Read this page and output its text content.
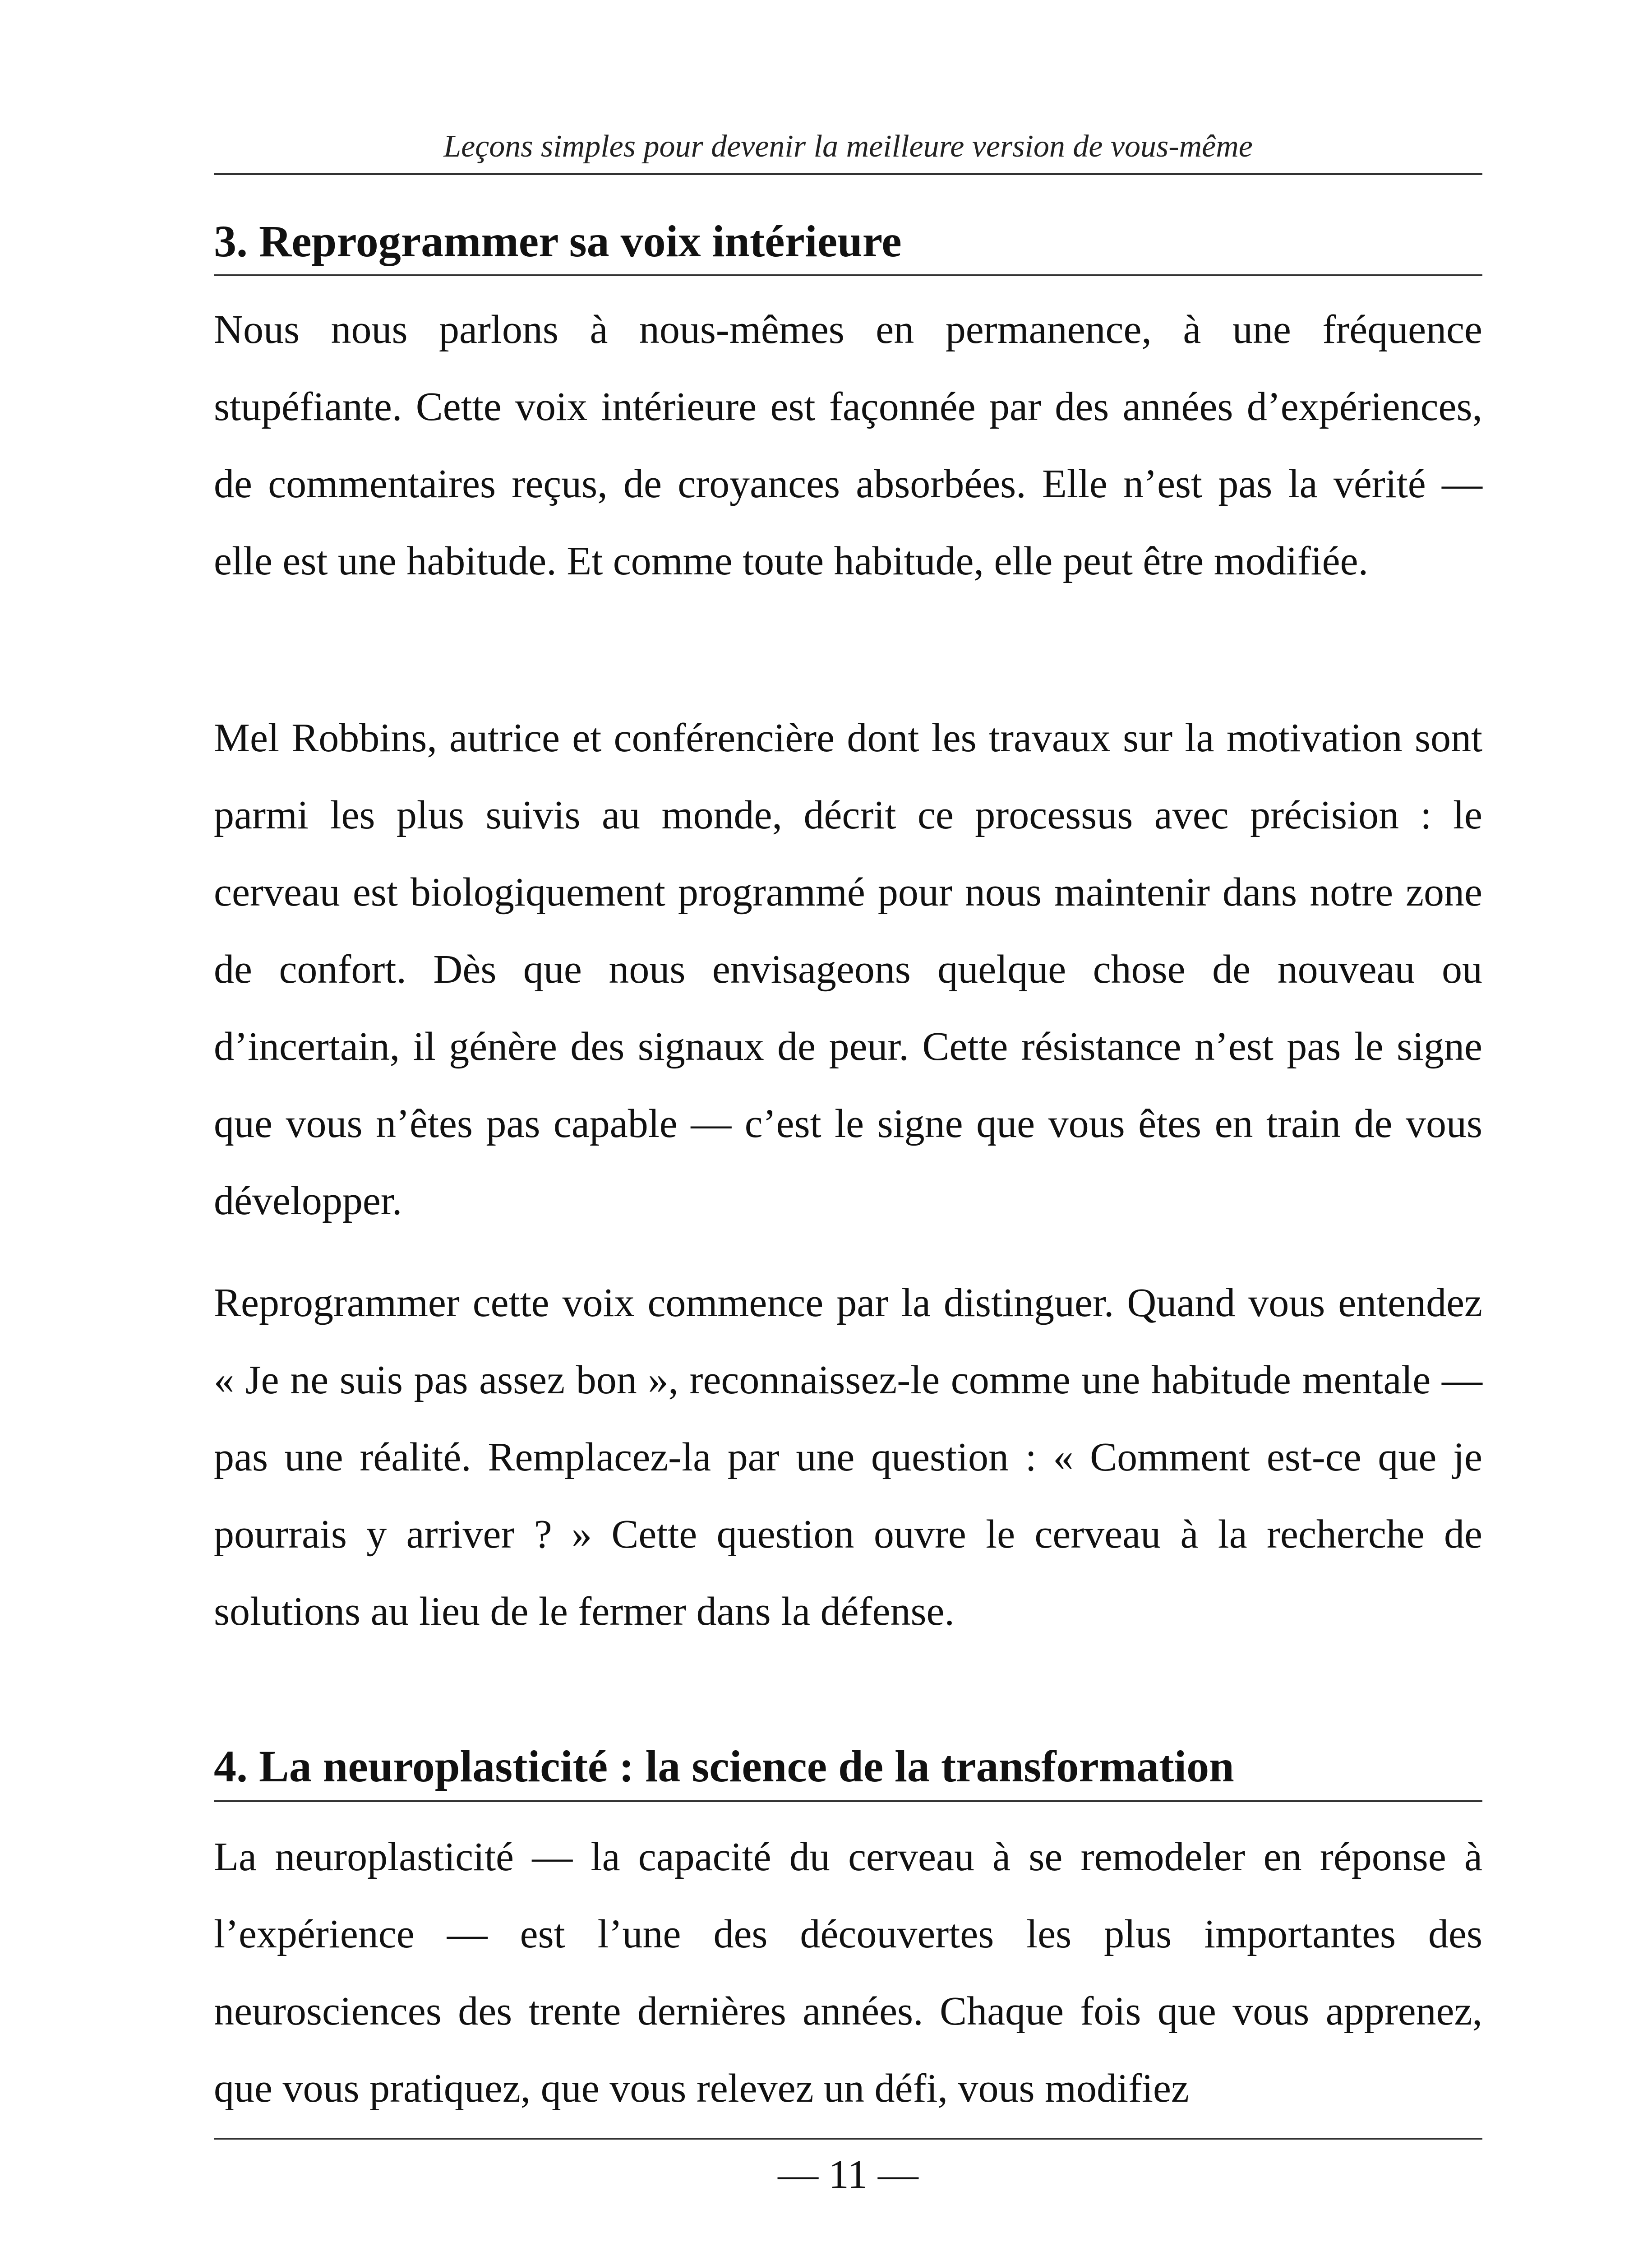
Leçons simples pour devenir la meilleure version de vous-même
3. Reprogrammer sa voix intérieure

Nous nous parlons à nous-mêmes en permanence, à une fréquence stupéfiante. Cette voix intérieure est façonnée par des années d’expériences, de commentaires reçus, de croyances absorbées. Elle n’est pas la vérité — elle est une habitude. Et comme toute habitude, elle peut être modifiée.

Mel Robbins, autrice et conférencière dont les travaux sur la motivation sont parmi les plus suivis au monde, décrit ce processus avec précision : le cerveau est biologiquement programmé pour nous maintenir dans notre zone de confort. Dès que nous envisageons quelque chose de nouveau ou d’incertain, il génère des signaux de peur. Cette résistance n’est pas le signe que vous n’êtes pas capable — c’est le signe que vous êtes en train de vous développer.

Reprogrammer cette voix commence par la distinguer. Quand vous entendez « Je ne suis pas assez bon », reconnaissez-le comme une habitude mentale — pas une réalité. Remplacez-la par une question : « Comment est-ce que je pourrais y arriver ? » Cette question ouvre le cerveau à la recherche de solutions au lieu de le fermer dans la défense.

4. La neuroplasticité : la science de la transformation

La neuroplasticité — la capacité du cerveau à se remodeler en réponse à l’expérience — est l’une des découvertes les plus importantes des neurosciences des trente dernières années. Chaque fois que vous apprenez, que vous pratiquez, que vous relevez un défi, vous modifiez

— 11 —
